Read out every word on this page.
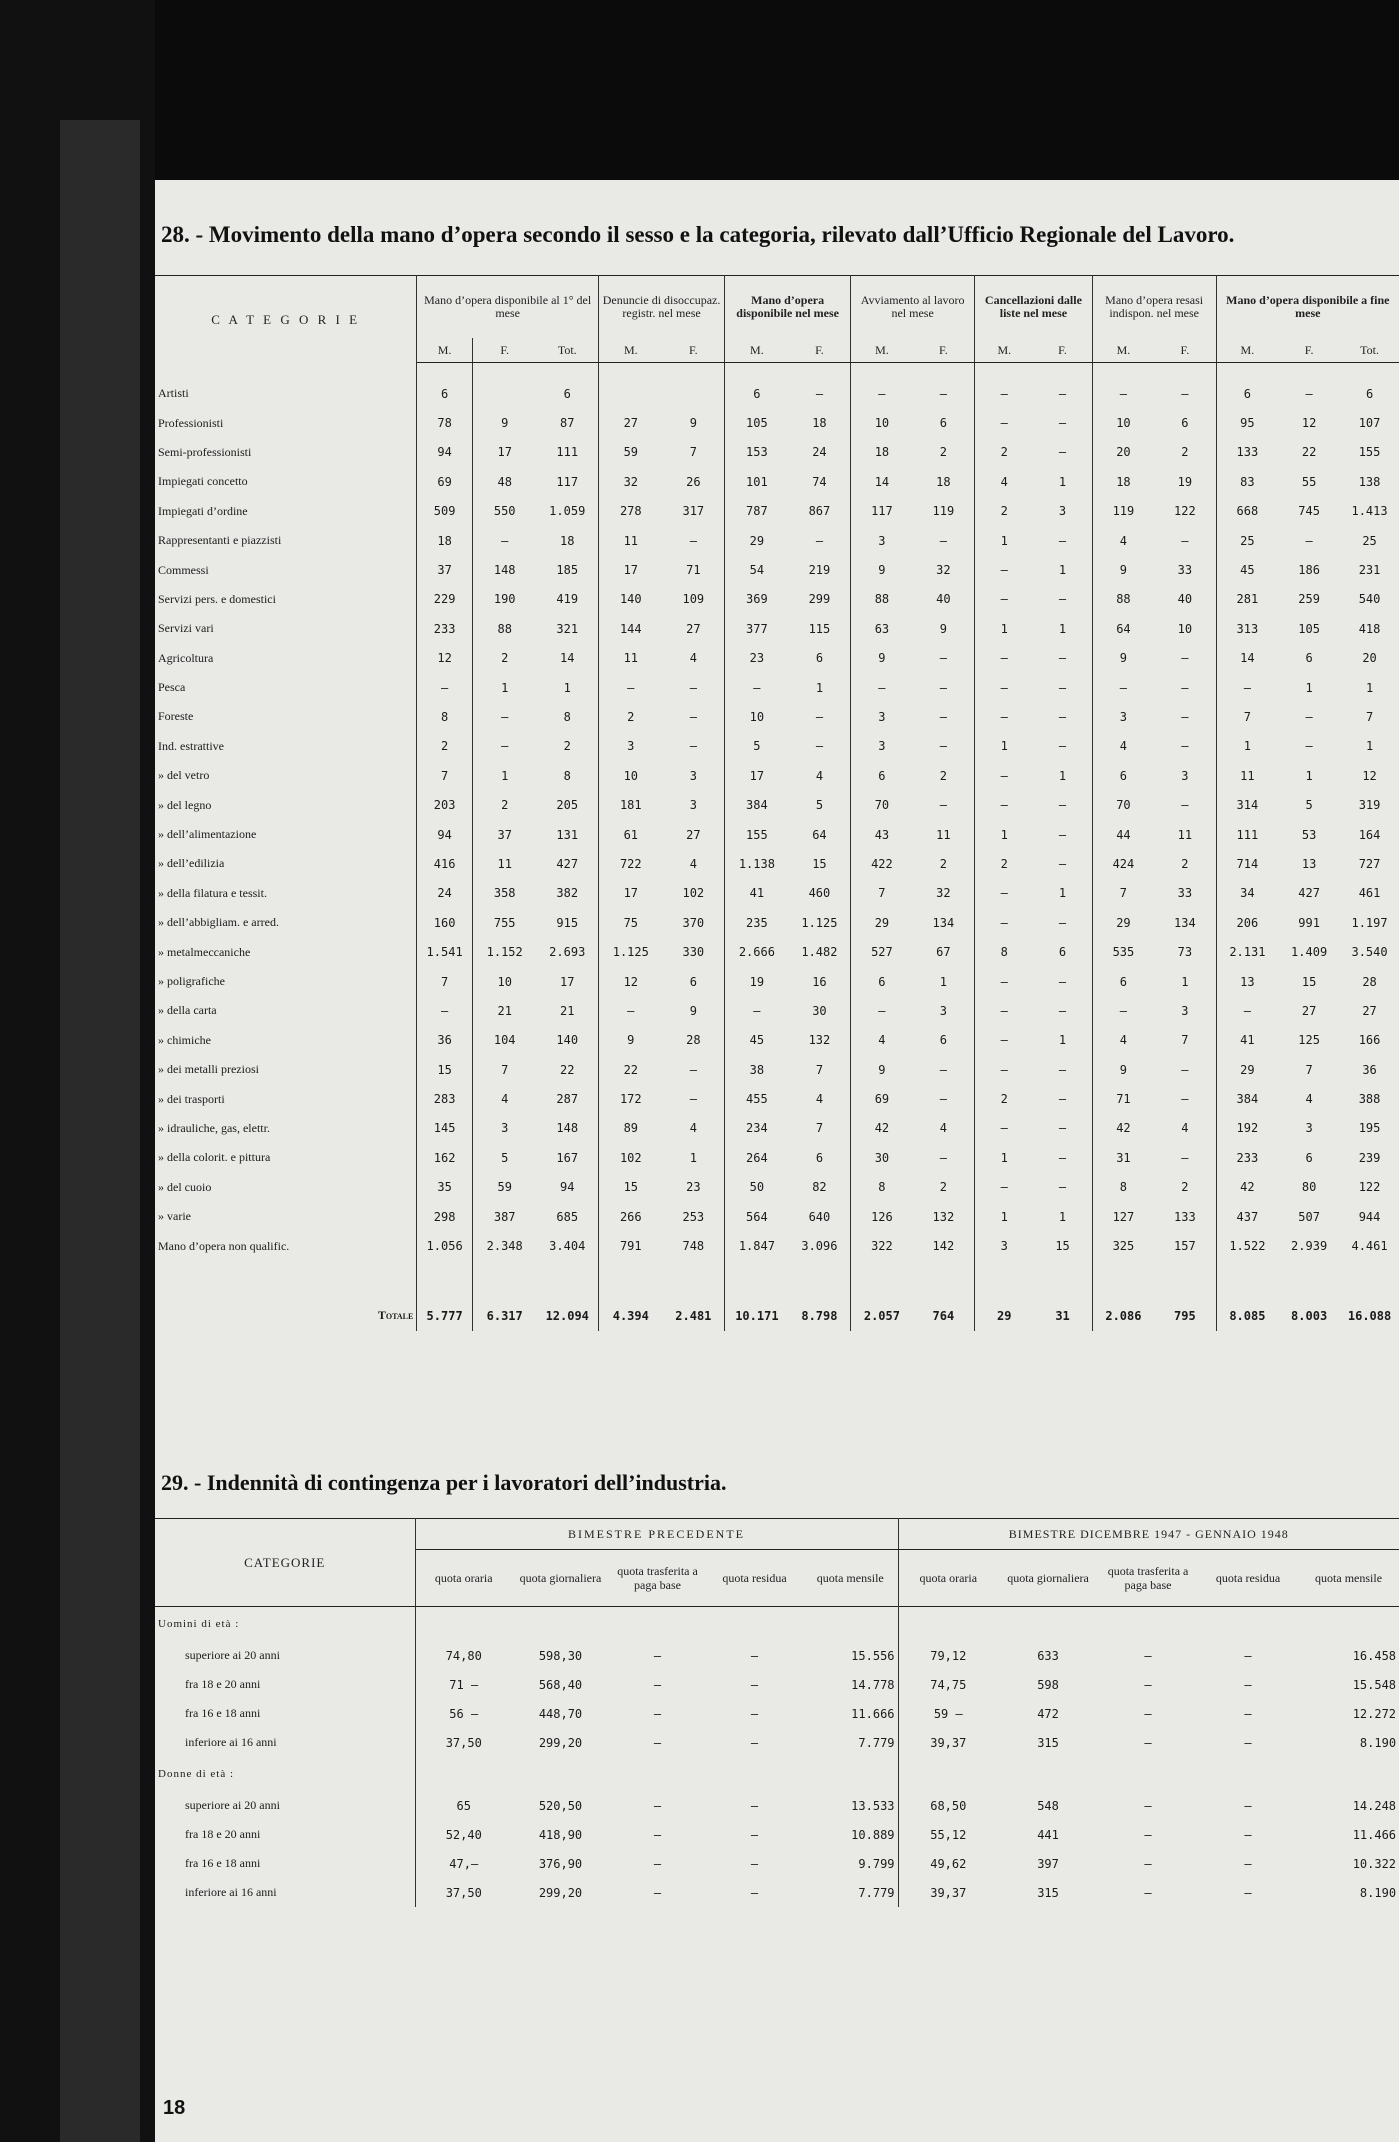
28. - Movimento della mano d’opera secondo il sesso e la categoria, rilevato dall’Ufficio Regionale del Lavoro.
C A T E G O R I E	Mano d’opera disponibile al 1° del mese			Denuncie di disoccupaz. registr. nel mese		Mano d’opera disponibile nel mese		Avviamento al lavoro nel mese		Cancellazioni dalle liste nel mese		Mano d’opera resasi indispon. nel mese		Mano d’opera disponibile a fine mese		
	M.	F.	Tot.	M.	F.	M.	F.	M.	F.	M.	F.	M.	F.	M.	F.	Tot.

Artisti	6		6			6	—	—	—	—	—	—	—	6	—	6
Professionisti	78	9	87	27	9	105	18	10	6	—	—	10	6	95	12	107
Semi-professionisti	94	17	111	59	7	153	24	18	2	2	—	20	2	133	22	155
Impiegati concetto	69	48	117	32	26	101	74	14	18	4	1	18	19	83	55	138
Impiegati d’ordine	509	550	1.059	278	317	787	867	117	119	2	3	119	122	668	745	1.413
Rappresentanti e piazzisti	18	—	18	11	—	29	—	3	—	1	—	4	—	25	—	25
Commessi	37	148	185	17	71	54	219	9	32	—	1	9	33	45	186	231
Servizi pers. e domestici	229	190	419	140	109	369	299	88	40	—	—	88	40	281	259	540
Servizi vari	233	88	321	144	27	377	115	63	9	1	1	64	10	313	105	418
Agricoltura	12	2	14	11	4	23	6	9	—	—	—	9	—	14	6	20
Pesca	—	1	1	—	—	—	1	—	—	—	—	—	—	—	1	1
Foreste	8	—	8	2	—	10	—	3	—	—	—	3	—	7	—	7
Ind. estrattive	2	—	2	3	—	5	—	3	—	1	—	4	—	1	—	1
» del vetro	7	1	8	10	3	17	4	6	2	—	1	6	3	11	1	12
» del legno	203	2	205	181	3	384	5	70	—	—	—	70	—	314	5	319
» dell’alimentazione	94	37	131	61	27	155	64	43	11	1	—	44	11	111	53	164
» dell’edilizia	416	11	427	722	4	1.138	15	422	2	2	—	424	2	714	13	727
» della filatura e tessit.	24	358	382	17	102	41	460	7	32	—	1	7	33	34	427	461
» dell’abbigliam. e arred.	160	755	915	75	370	235	1.125	29	134	—	—	29	134	206	991	1.197
» metalmeccaniche	1.541	1.152	2.693	1.125	330	2.666	1.482	527	67	8	6	535	73	2.131	1.409	3.540
» poligrafiche	7	10	17	12	6	19	16	6	1	—	—	6	1	13	15	28
» della carta	—	21	21	—	9	—	30	—	3	—	—	—	3	—	27	27
» chimiche	36	104	140	9	28	45	132	4	6	—	1	4	7	41	125	166
» dei metalli preziosi	15	7	22	22	—	38	7	9	—	—	—	9	—	29	7	36
» dei trasporti	283	4	287	172	—	455	4	69	—	2	—	71	—	384	4	388
» idrauliche, gas, elettr.	145	3	148	89	4	234	7	42	4	—	—	42	4	192	3	195
» della colorit. e pittura	162	5	167	102	1	264	6	30	—	1	—	31	—	233	6	239
» del cuoio	35	59	94	15	23	50	82	8	2	—	—	8	2	42	80	122
» varie	298	387	685	266	253	564	640	126	132	1	1	127	133	437	507	944
Mano d’opera non qualific.	1.056	2.348	3.404	791	748	1.847	3.096	322	142	3	15	325	157	1.522	2.939	4.461

Totale	5.777	6.317	12.094	4.394	2.481	10.171	8.798	2.057	764	29	31	2.086	795	8.085	8.003	16.088
29. - Indennità di contingenza per i lavoratori dell’industria.
CATEGORIE	BIMESTRE PRECEDENTE					BIMESTRE DICEMBRE 1947 - GENNAIO 1948				
	quota oraria	quota giornaliera	quota trasferita a paga base	quota residua	quota mensile	quota oraria	quota giornaliera	quota trasferita a paga base	quota residua	quota mensile
Uomini di età :										
superiore ai 20 anni	74,80	598,30	—	—	15.556	79,12	633	—	—	16.458
fra 18 e 20 anni	71 —	568,40	—	—	14.778	74,75	598	—	—	15.548
fra 16 e 18 anni	56 —	448,70	—	—	11.666	59 —	472	—	—	12.272
inferiore ai 16 anni	37,50	299,20	—	—	7.779	39,37	315	—	—	8.190
Donne di età :										
superiore ai 20 anni	65	520,50	—	—	13.533	68,50	548	—	—	14.248
fra 18 e 20 anni	52,40	418,90	—	—	10.889	55,12	441	—	—	11.466
fra 16 e 18 anni	47,—	376,90	—	—	9.799	49,62	397	—	—	10.322
inferiore ai 16 anni	37,50	299,20	—	—	7.779	39,37	315	—	—	8.190
18
